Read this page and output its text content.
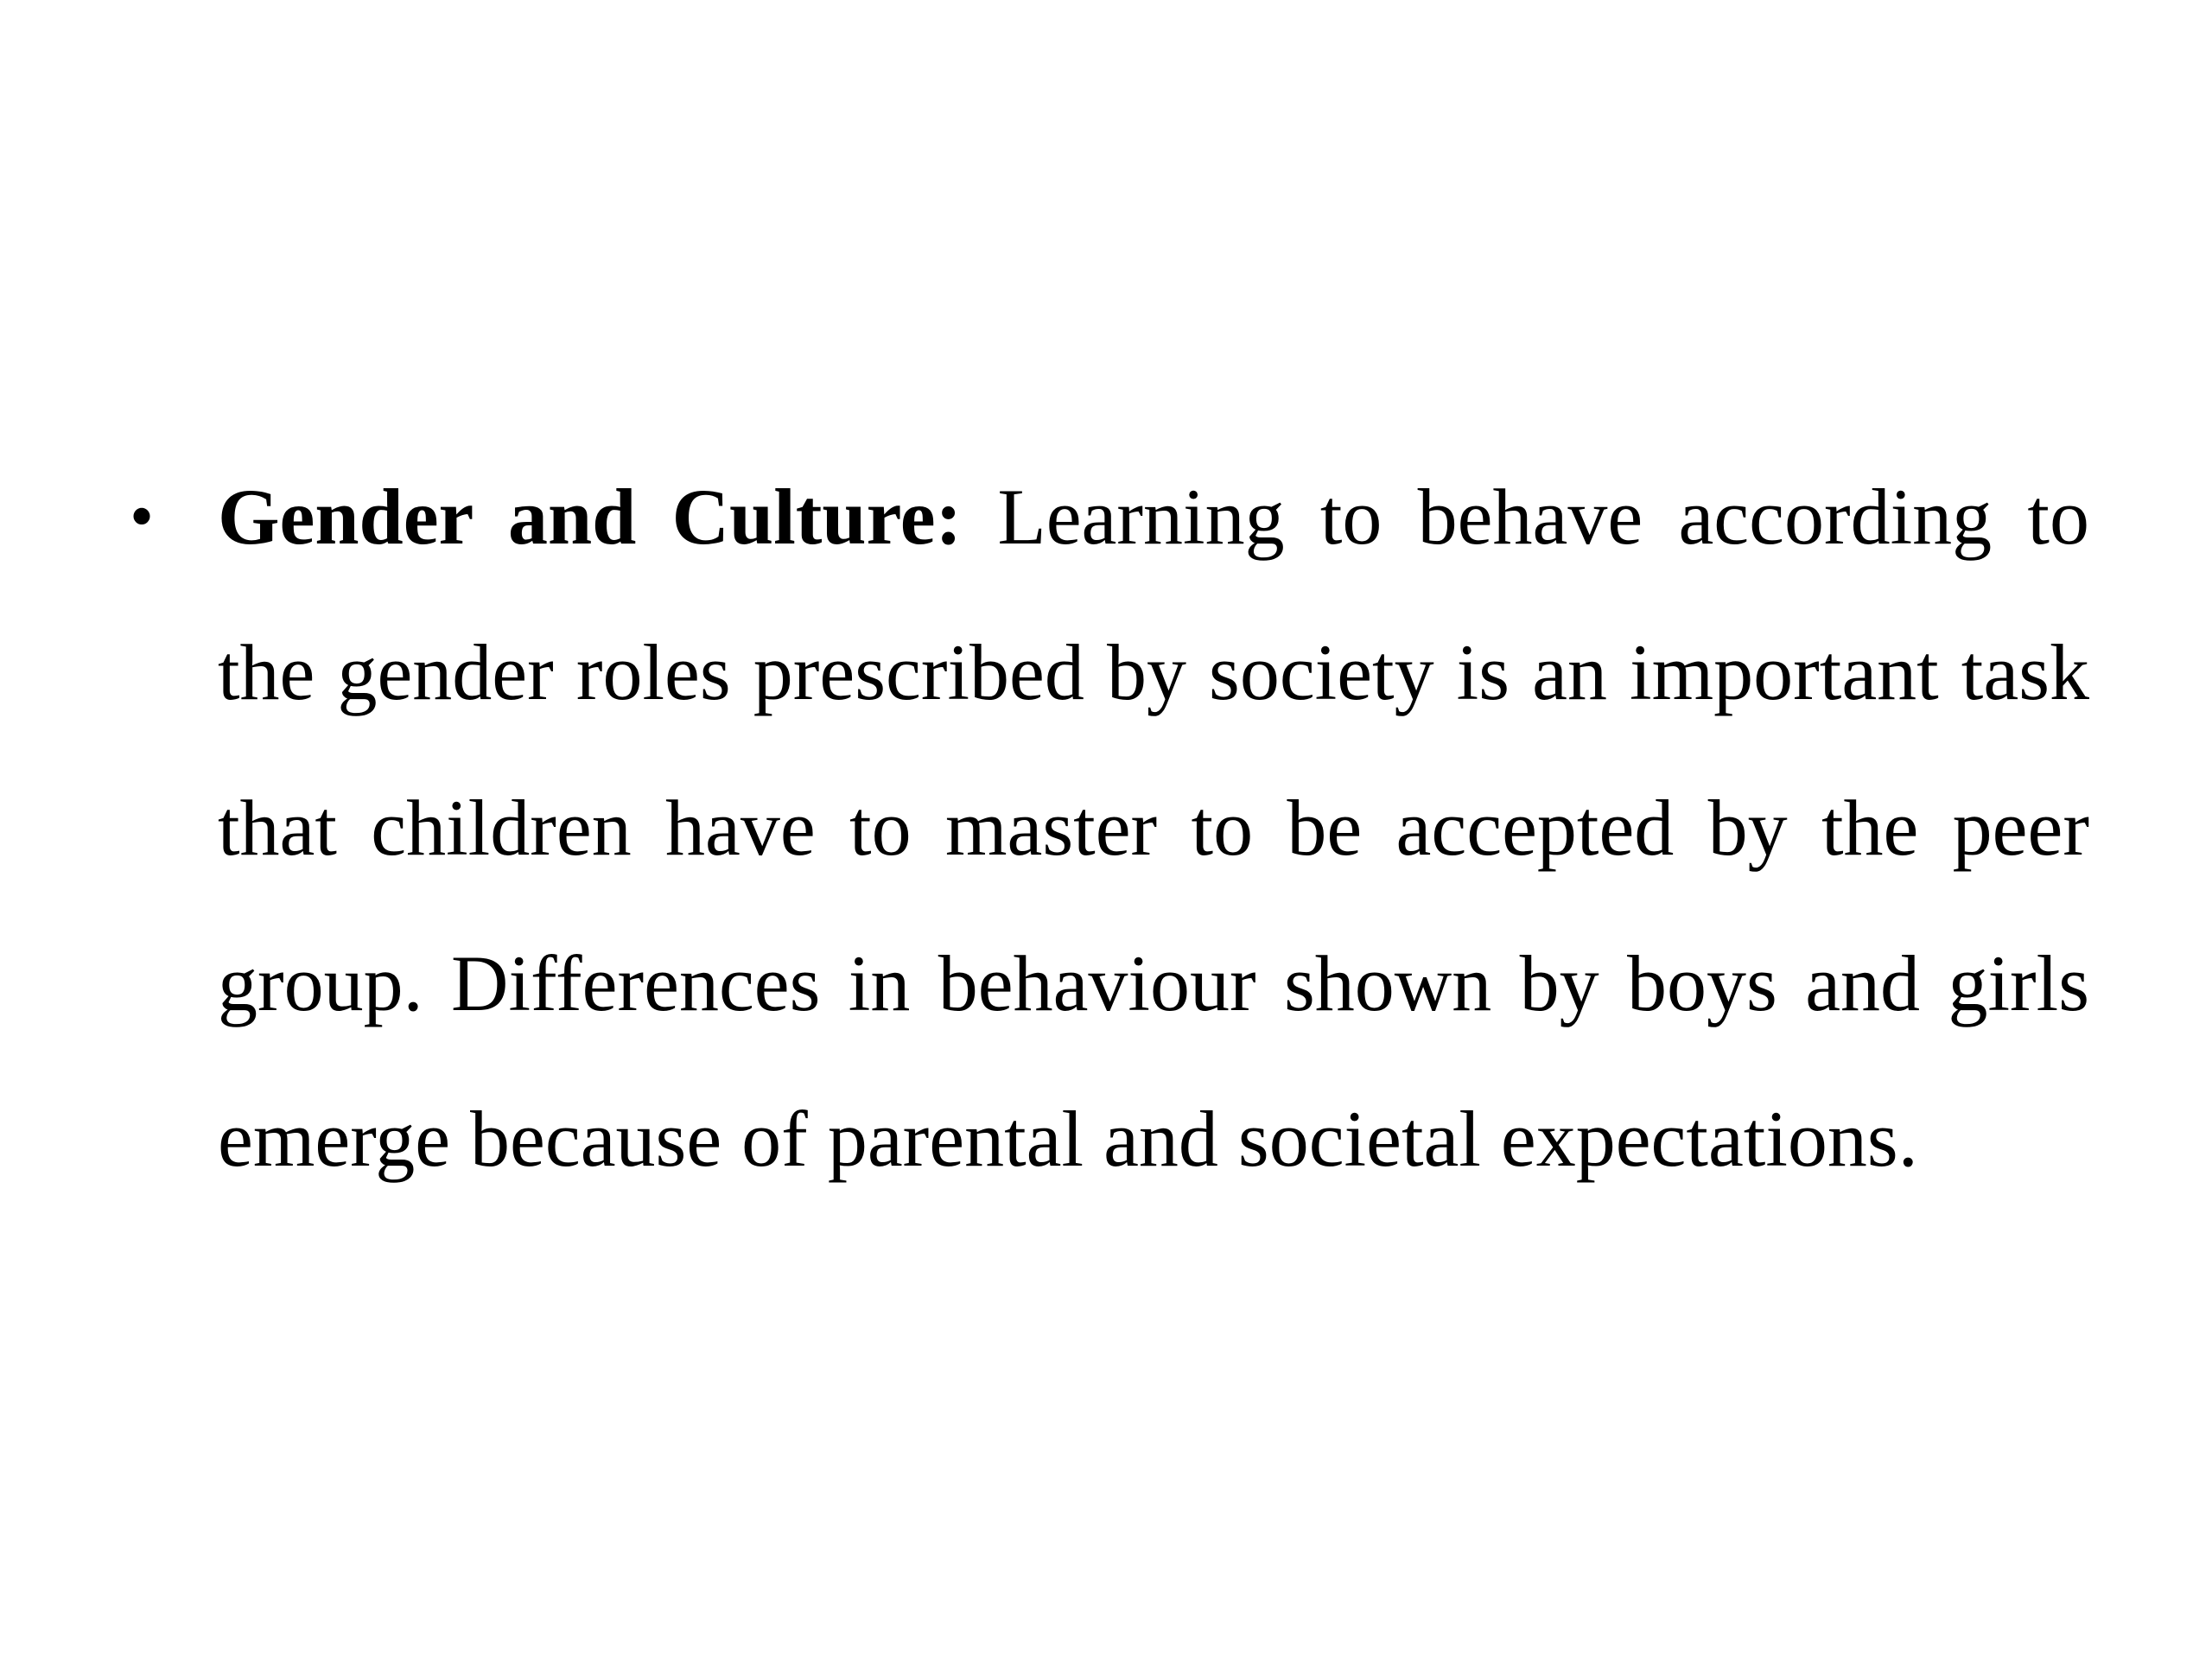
• Gender and Culture: Learning to behave according to the gender roles prescribed by society is an important task that children have to master to be accepted by the peer group. Differences in behaviour shown by boys and girls emerge because of parental and societal expectations.
